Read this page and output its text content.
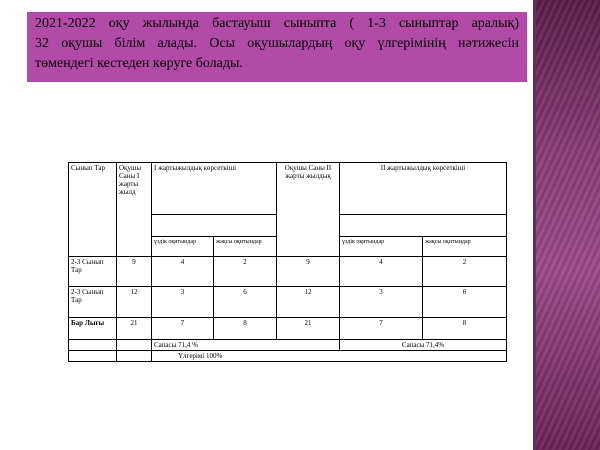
2021-2022 оқу жылында бастауыш сыныпта ( 1-3 сыныптар аралық)

32 оқушы білім алады. Осы оқушылардың оқу үлгерімінің нәтижесін

төмендегі кестеден көруге болады.

Сынып Тар	Оқушы Саны I жарты жылд	I жартыжылдық көрсеткіші		Оқушы Саны II жарты жылдық	II жартыжылдық көрсеткіші	

		үздік оқитындар	жақсы оқитындар		үздік оқитындар	жақсы оқитындар
2-3 Сынып Тар	9	4	2	9	4	2
2-3 Сынып Тар	12	3	6	12	3	6
Бар Лығы	21	7	8	21	7	8
		Сапасы 71,4 %			Сапасы 71,4%	
		Үлгерімі 100%				
